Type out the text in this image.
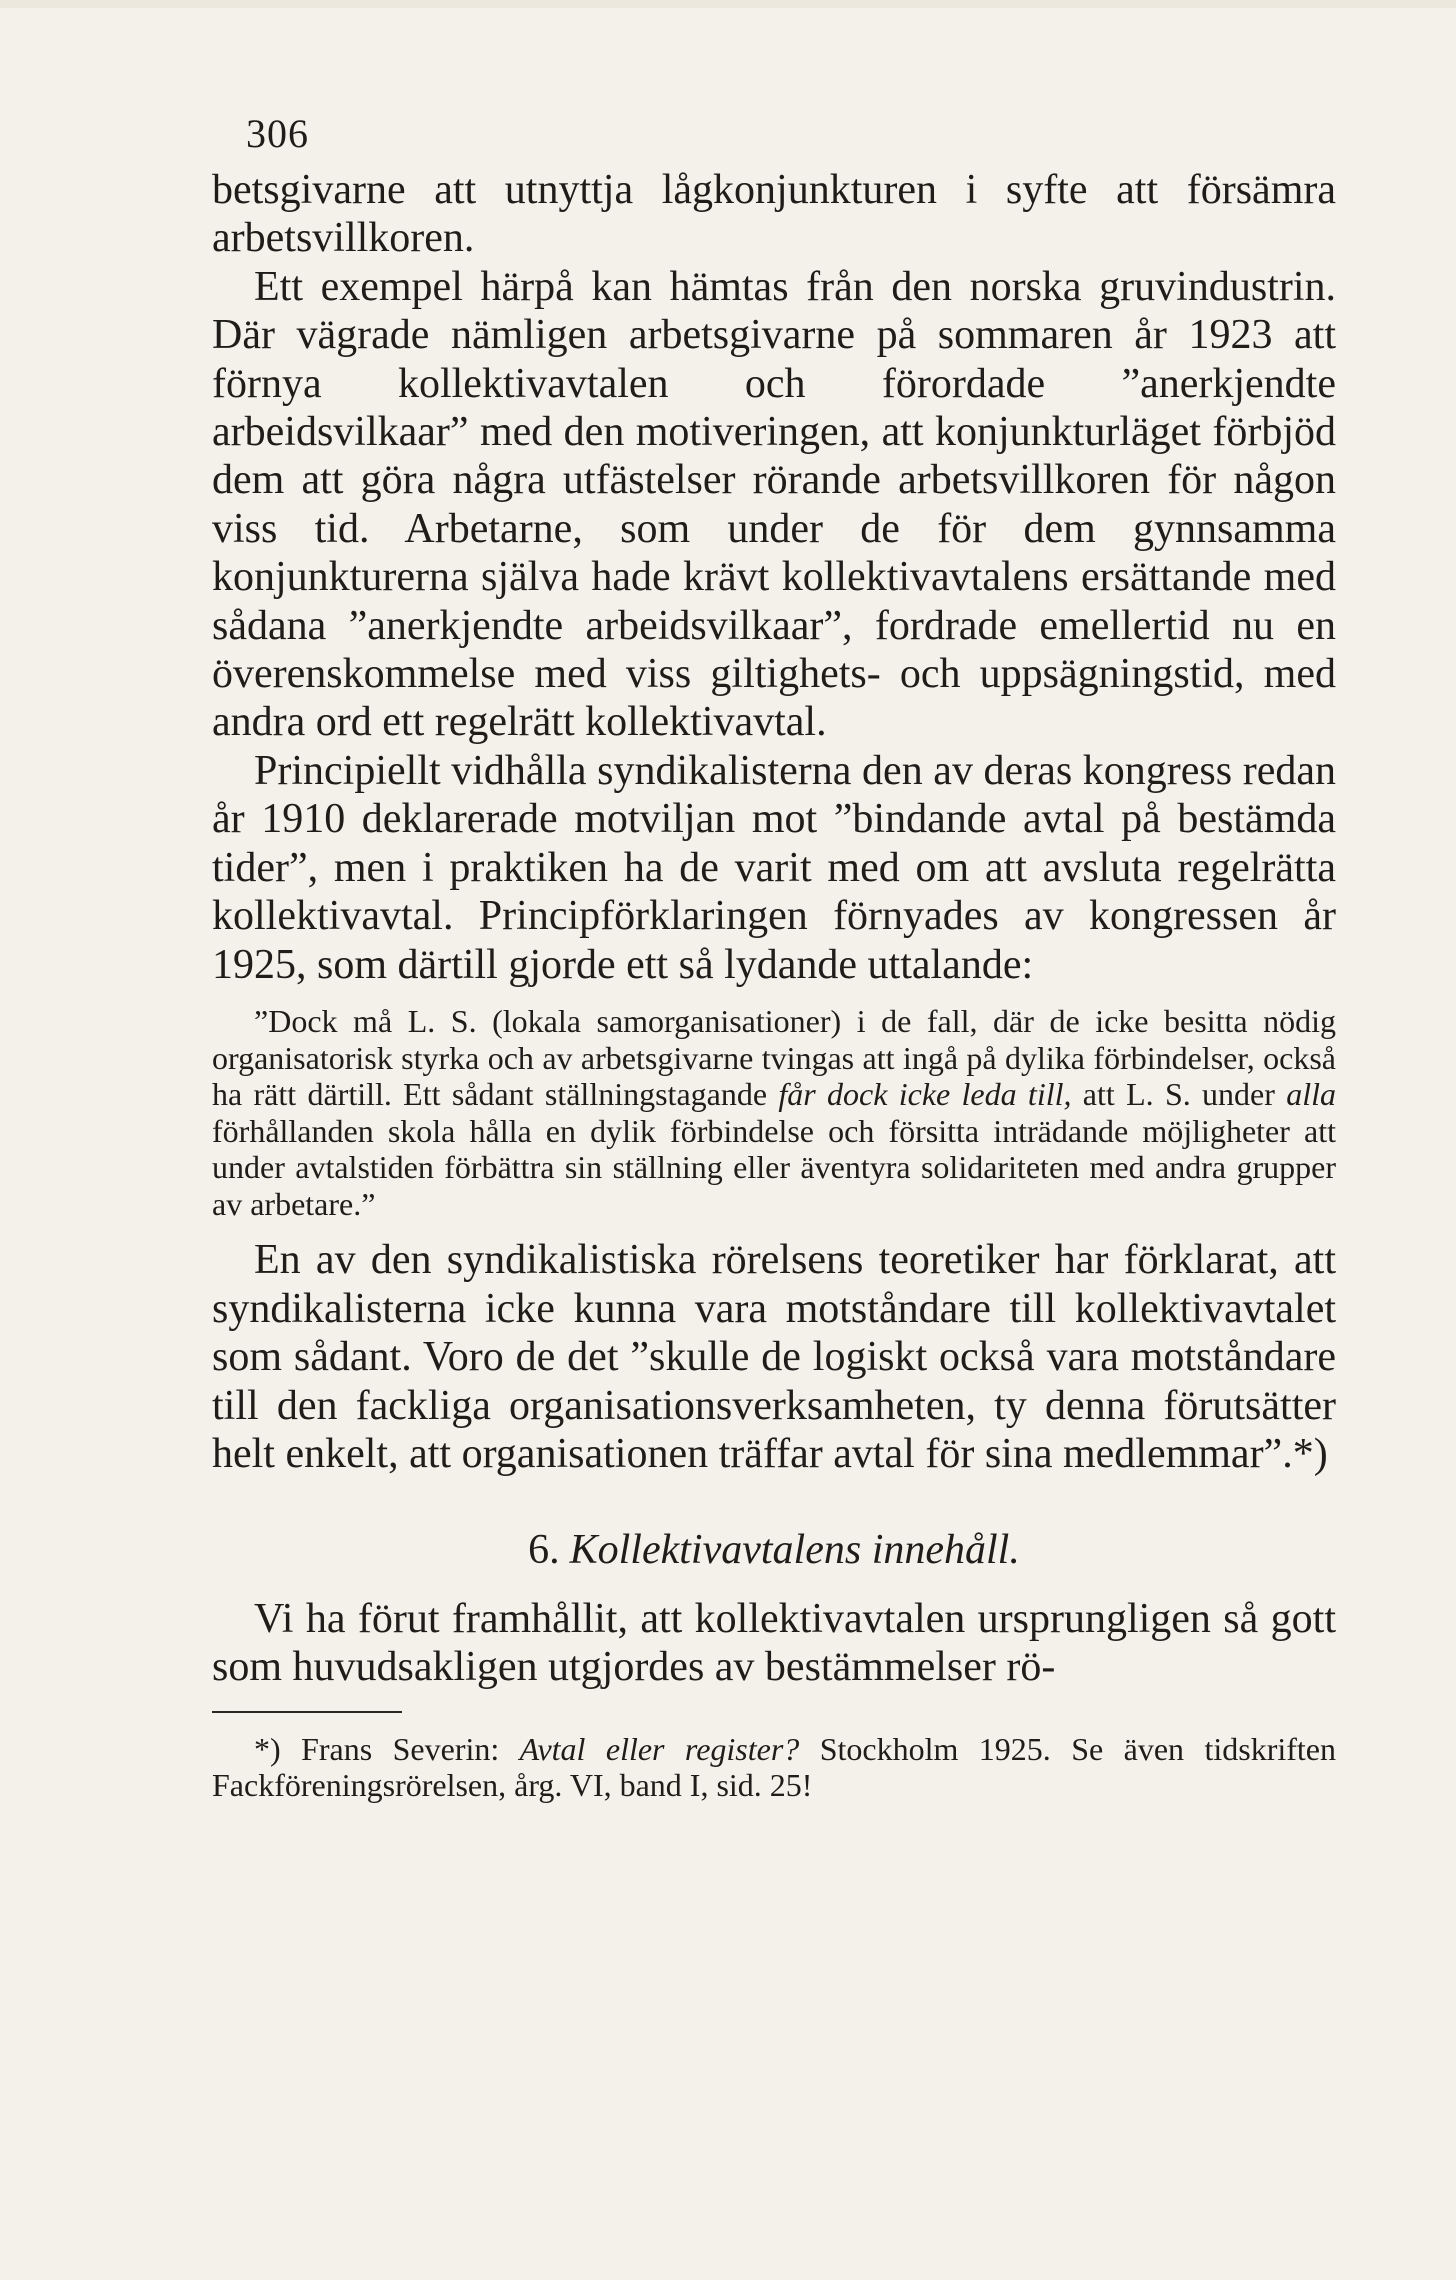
306

betsgivarne att utnyttja lågkonjunkturen i syfte att försämra arbetsvillkoren.

Ett exempel härpå kan hämtas från den norska gruvindustrin. Där vägrade nämligen arbetsgivarne på sommaren år 1923 att förnya kollektivavtalen och förordade ”anerkjendte arbeidsvilkaar” med den motiveringen, att konjunkturläget förbjöd dem att göra några utfästelser rörande arbetsvillkoren för någon viss tid. Arbetarne, som under de för dem gynnsamma konjunkturerna själva hade krävt kollektivavtalens ersättande med sådana ”anerkjendte arbeidsvilkaar”, fordrade emellertid nu en överenskommelse med viss giltighets- och uppsägningstid, med andra ord ett regelrätt kollektivavtal.

Principiellt vidhålla syndikalisterna den av deras kongress redan år 1910 deklarerade motviljan mot ”bindande avtal på bestämda tider”, men i praktiken ha de varit med om att avsluta regelrätta kollektivavtal. Principförklaringen förnyades av kongressen år 1925, som därtill gjorde ett så lydande uttalande:

”Dock må L. S. (lokala samorganisationer) i de fall, där de icke besitta nödig organisatorisk styrka och av arbetsgivarne tvingas att ingå på dylika förbindelser, också ha rätt därtill. Ett sådant ställningstagande får dock icke leda till, att L. S. under alla förhållanden skola hålla en dylik förbindelse och försitta inträdande möjligheter att under avtalstiden förbättra sin ställning eller äventyra solidariteten med andra grupper av arbetare.”

En av den syndikalistiska rörelsens teoretiker har förklarat, att syndikalisterna icke kunna vara motståndare till kollektivavtalet som sådant. Voro de det ”skulle de logiskt också vara motståndare till den fackliga organisationsverksamheten, ty denna förutsätter helt enkelt, att organisationen träffar avtal för sina medlemmar”.*)

6. Kollektivavtalens innehåll.

Vi ha förut framhållit, att kollektivavtalen ursprungligen så gott som huvudsakligen utgjordes av bestämmelser rö-

*) Frans Severin: Avtal eller register? Stockholm 1925. Se även tidskriften Fackföreningsrörelsen, årg. VI, band I, sid. 25!
